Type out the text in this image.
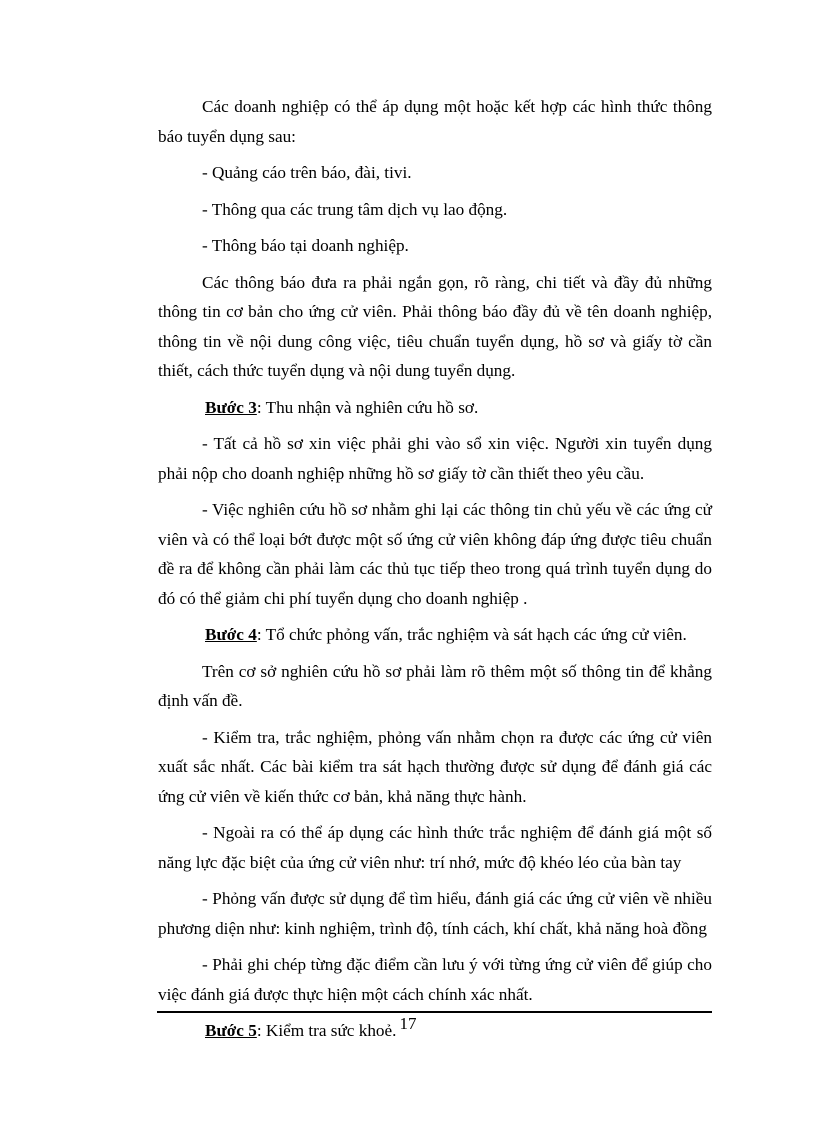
Các doanh nghiệp có thể áp dụng một hoặc kết hợp các hình thức thông báo tuyển dụng sau:

- Quảng cáo trên báo, đài, tivi.

- Thông qua các trung tâm dịch vụ lao động.

- Thông báo tại doanh nghiệp.

Các thông báo đưa ra phải ngắn gọn, rõ ràng, chi tiết và đầy đủ những thông tin cơ bản cho ứng cử viên. Phải thông báo đầy đủ về tên doanh nghiệp, thông tin về nội dung công việc, tiêu chuẩn tuyển dụng, hồ sơ và giấy tờ cần thiết, cách thức tuyển dụng và nội dung tuyển dụng.

Bước 3: Thu nhận và nghiên cứu hồ sơ.

- Tất cả hồ sơ xin việc phải ghi vào sổ xin việc. Người xin tuyển dụng phải nộp cho doanh nghiệp những hồ sơ giấy tờ cần thiết theo yêu cầu.

- Việc nghiên cứu hồ sơ nhằm ghi lại các thông tin chủ yếu về các ứng cử viên và có thể loại bớt được một số ứng cử viên không đáp ứng được tiêu chuẩn đề ra để không cần phải làm các thủ tục tiếp theo trong quá trình tuyển dụng do đó có thể giảm chi phí tuyển dụng cho doanh nghiệp .

Bước 4: Tổ chức phỏng vấn, trắc nghiệm và sát hạch các ứng cử viên.

Trên cơ sở nghiên cứu hồ sơ phải làm rõ thêm một số thông tin để khẳng định vấn đề.

- Kiểm tra, trắc nghiệm, phỏng vấn nhằm chọn ra được các ứng cử viên xuất sắc nhất. Các bài kiểm tra sát hạch thường được sử dụng để đánh giá các ứng cử viên về kiến thức cơ bản, khả năng thực hành.

- Ngoài ra có thể áp dụng các hình thức trắc nghiệm để đánh giá một số năng lực đặc biệt của ứng cử viên như: trí nhớ, mức độ khéo léo của bàn tay

- Phỏng vấn được sử dụng để tìm hiểu, đánh giá các ứng cử viên về nhiều phương diện như: kinh nghiệm, trình độ, tính cách, khí chất, khả năng hoà đồng

- Phải ghi chép từng đặc điểm cần lưu ý với từng ứng cử viên để giúp cho việc đánh giá được thực hiện một cách chính xác nhất.

Bước 5: Kiểm tra sức khoẻ. 17
